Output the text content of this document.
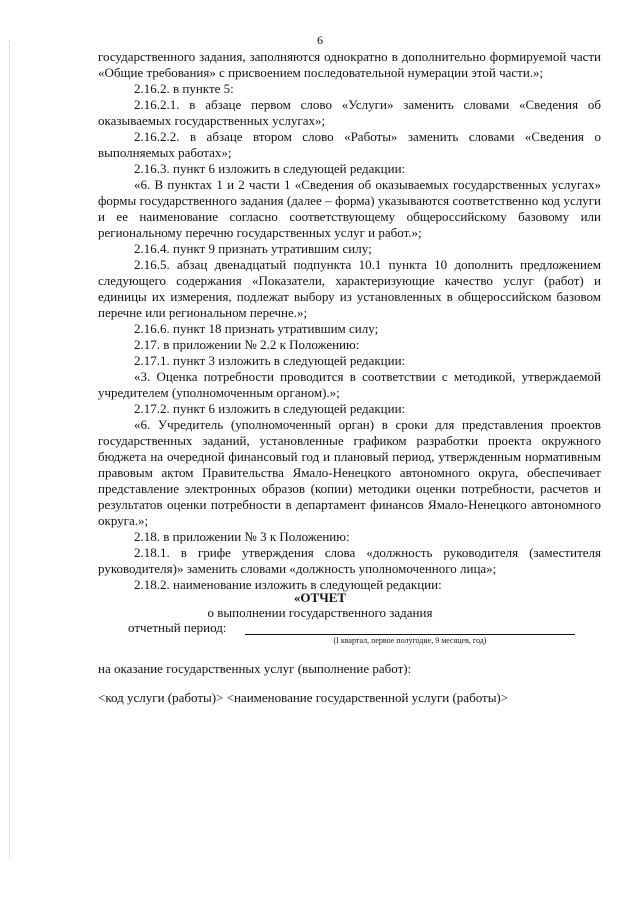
6

государственного задания, заполняются однократно в дополнительно формируемой части «Общие требования» с присвоением последовательной нумерации этой части.»;

2.16.2. в пункте 5:

2.16.2.1. в абзаце первом слово «Услуги» заменить словами «Сведения об оказываемых государственных услугах»;

2.16.2.2. в абзаце втором слово «Работы» заменить словами «Сведения о выполняемых работах»;

2.16.3. пункт 6 изложить в следующей редакции:

«6. В пунктах 1 и 2 части 1 «Сведения об оказываемых государственных услугах» формы государственного задания (далее – форма) указываются соответственно код услуги и ее наименование согласно соответствующему общероссийскому базовому или региональному перечню государственных услуг и работ.»;

2.16.4. пункт 9 признать утратившим силу;

2.16.5. абзац двенадцатый подпункта 10.1 пункта 10 дополнить предложением следующего содержания «Показатели, характеризующие качество услуг (работ) и единицы их измерения, подлежат выбору из установленных в общероссийском базовом перечне или региональном перечне.»;

2.16.6. пункт 18 признать утратившим силу;

2.17. в приложении № 2.2 к Положению:

2.17.1. пункт 3 изложить в следующей редакции:

«3. Оценка потребности проводится в соответствии с методикой, утверждаемой учредителем (уполномоченным органом).»;

2.17.2. пункт 6 изложить в следующей редакции:

«6. Учредитель (уполномоченный орган) в сроки для представления проектов государственных заданий, установленные графиком разработки проекта окружного бюджета на очередной финансовый год и плановый период, утвержденным нормативным правовым актом Правительства Ямало-Ненецкого автономного округа, обеспечивает представление электронных образов (копии) методики оценки потребности, расчетов и результатов оценки потребности в департамент финансов Ямало-Ненецкого автономного округа.»;

2.18. в приложении № 3 к Положению:

2.18.1. в грифе утверждения слова «должность руководителя (заместителя руководителя)» заменить словами «должность уполномоченного лица»;

2.18.2. наименование изложить в следующей редакции:

«ОТЧЕТ
о выполнении государственного задания
отчетный период:
(I квартал, первое полугодие, 9 месяцев, год)
на оказание государственных услуг (выполнение работ):
<код услуги (работы)> <наименование государственной услуги (работы)>
